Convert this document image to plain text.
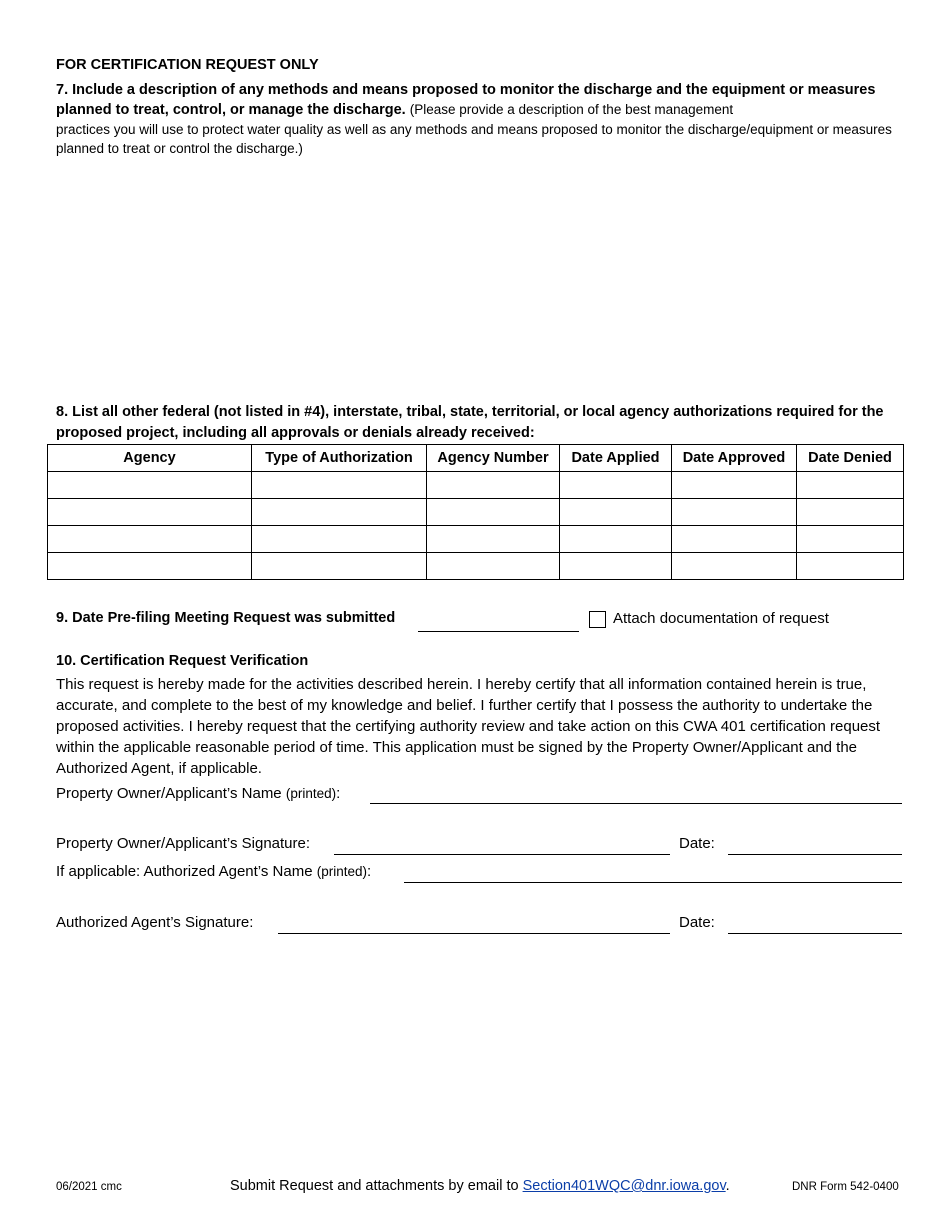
FOR CERTIFICATION REQUEST ONLY
7. Include a description of any methods and means proposed to monitor the discharge and the equipment or measures planned to treat, control, or manage the discharge. (Please provide a description of the best management
practices you will use to protect water quality as well as any methods and means proposed to monitor the discharge/equipment or measures planned to treat or control the discharge.)
8. List all other federal (not listed in #4), interstate, tribal, state, territorial, or local agency authorizations required for the proposed project, including all approvals or denials already received:
Agency	Type of Authorization	Agency Number	Date Applied	Date Approved	Date Denied

9. Date Pre-filing Meeting Request was submitted	Attach documentation of request
10. Certification Request Verification
This request is hereby made for the activities described herein. I hereby certify that all information contained herein is true, accurate, and complete to the best of my knowledge and belief. I further certify that I possess the authority to undertake the proposed activities. I hereby request that the certifying authority review and take action on this CWA 401 certification request within the applicable reasonable period of time. This application must be signed by the Property Owner/Applicant and the Authorized Agent, if applicable.
Property Owner/Applicant’s Name (printed):
Property Owner/Applicant’s Signature:	Date:
If applicable: Authorized Agent’s Name (printed):
Authorized Agent’s Signature:	Date:
06/2021 cmc	Submit Request and attachments by email to Section401WQC@dnr.iowa.gov.	DNR Form 542-0400
